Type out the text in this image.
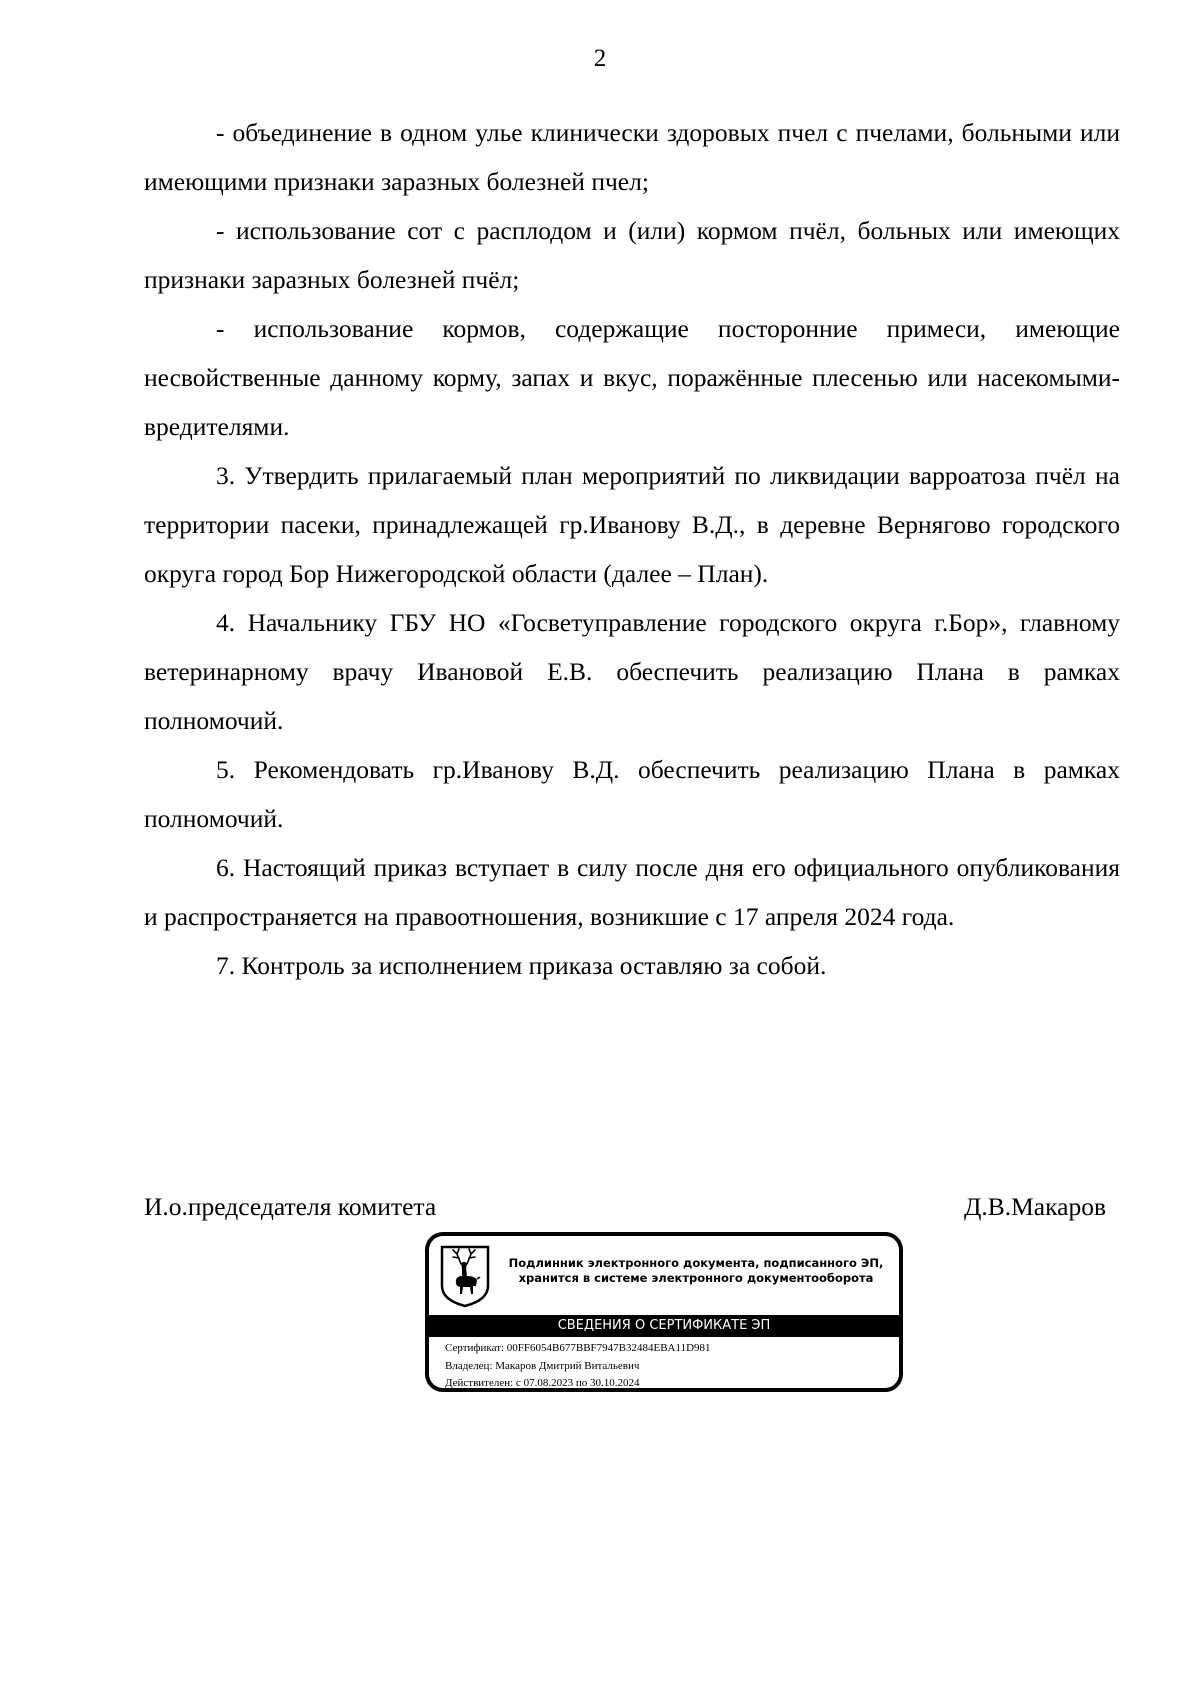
2

- объединение в одном улье клинически здоровых пчел с пчелами, больными или имеющими признаки заразных болезней пчел;

- использование сот с расплодом и (или) кормом пчёл, больных или имеющих признаки заразных болезней пчёл;

- использование кормов, содержащие посторонние примеси, имеющие несвойственные данному корму, запах и вкус, поражённые плесенью или насекомыми-вредителями.

3. Утвердить прилагаемый план мероприятий по ликвидации варроатоза пчёл на территории пасеки, принадлежащей гр.Иванову В.Д., в деревне Вернягово городского округа город Бор Нижегородской области (далее – План).

4. Начальнику ГБУ НО «Госветуправление городского округа г.Бор», главному ветеринарному врачу Ивановой Е.В. обеспечить реализацию Плана в рамках полномочий.

5. Рекомендовать гр.Иванову В.Д. обеспечить реализацию Плана в рамках полномочий.

6. Настоящий приказ вступает в силу после дня его официального опубликования и распространяется на правоотношения, возникшие с 17 апреля 2024 года.

7. Контроль за исполнением приказа оставляю за собой.

И.о.председателя комитета	Д.В.Макаров
Подлинник электронного документа, подписанного ЭП,
хранится в системе электронного документооборота
СВЕДЕНИЯ О СЕРТИФИКАТЕ ЭП
Сертификат: 00FF6054B677BBF7947B32484EBA11D981
Владелец: Макаров Дмитрий Витальевич
Действителен: с 07.08.2023 по 30.10.2024
